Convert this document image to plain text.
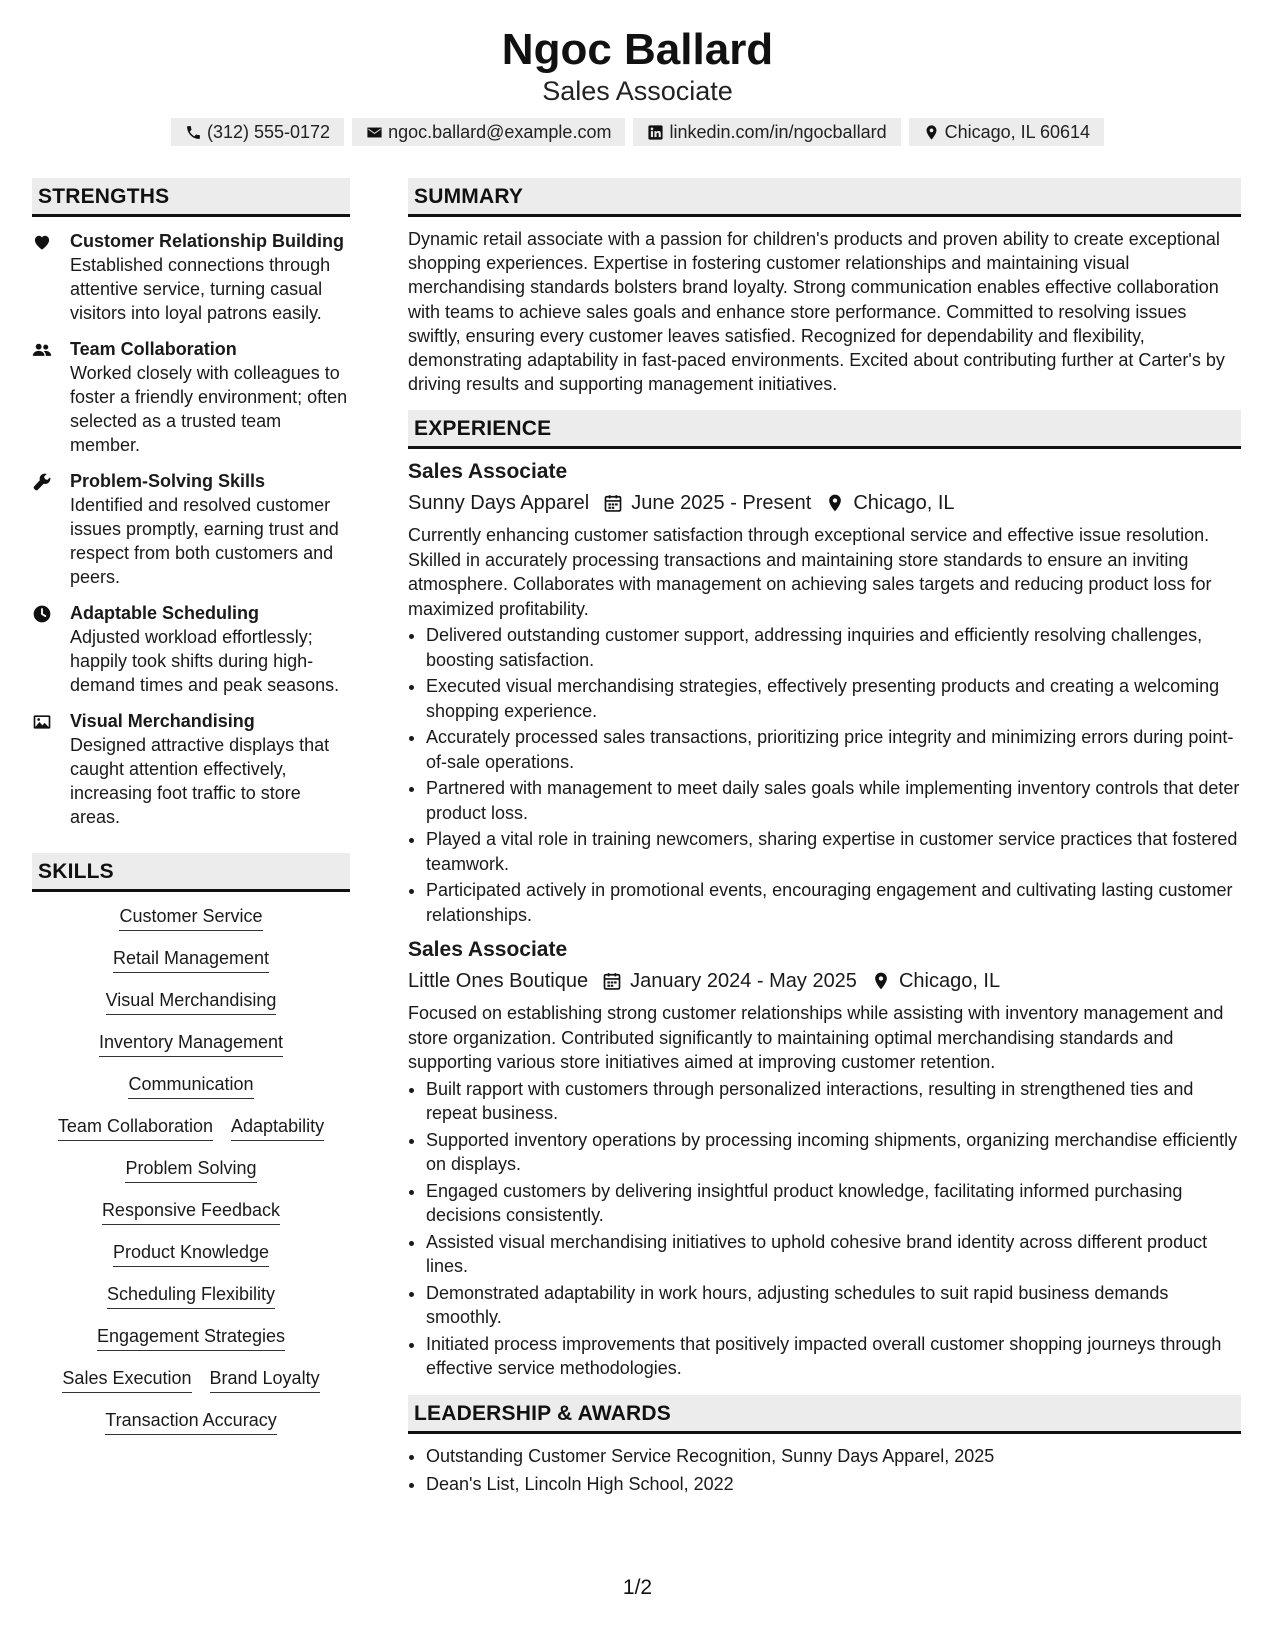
Ngoc Ballard
Sales Associate
(312) 555-0172	ngoc.ballard@example.com	linkedin.com/in/ngocballard	Chicago, IL 60614
STRENGTHS
Customer Relationship Building
Established connections through attentive service, turning casual visitors into loyal patrons easily.
Team Collaboration
Worked closely with colleagues to foster a friendly environment; often selected as a trusted team member.
Problem-Solving Skills
Identified and resolved customer issues promptly, earning trust and respect from both customers and peers.
Adaptable Scheduling
Adjusted workload effortlessly; happily took shifts during high-demand times and peak seasons.
Visual Merchandising
Designed attractive displays that caught attention effectively, increasing foot traffic to store areas.
SKILLS
Customer Service
Retail Management
Visual Merchandising
Inventory Management
Communication
Team Collaboration Adaptability
Problem Solving
Responsive Feedback
Product Knowledge
Scheduling Flexibility
Engagement Strategies
Sales Execution Brand Loyalty
Transaction Accuracy
SUMMARY
Dynamic retail associate with a passion for children's products and proven ability to create exceptional shopping experiences. Expertise in fostering customer relationships and maintaining visual merchandising standards bolsters brand loyalty. Strong communication enables effective collaboration with teams to achieve sales goals and enhance store performance. Committed to resolving issues swiftly, ensuring every customer leaves satisfied. Recognized for dependability and flexibility, demonstrating adaptability in fast-paced environments. Excited about contributing further at Carter's by driving results and supporting management initiatives.
EXPERIENCE
Sales Associate
Sunny Days Apparel June 2025 - Present Chicago, IL
Currently enhancing customer satisfaction through exceptional service and effective issue resolution. Skilled in accurately processing transactions and maintaining store standards to ensure an inviting atmosphere. Collaborates with management on achieving sales targets and reducing product loss for maximized profitability.
• Delivered outstanding customer support, addressing inquiries and efficiently resolving challenges, boosting satisfaction.
• Executed visual merchandising strategies, effectively presenting products and creating a welcoming shopping experience.
• Accurately processed sales transactions, prioritizing price integrity and minimizing errors during point-of-sale operations.
• Partnered with management to meet daily sales goals while implementing inventory controls that deter product loss.
• Played a vital role in training newcomers, sharing expertise in customer service practices that fostered teamwork.
• Participated actively in promotional events, encouraging engagement and cultivating lasting customer relationships.
Sales Associate
Little Ones Boutique January 2024 - May 2025 Chicago, IL
Focused on establishing strong customer relationships while assisting with inventory management and store organization. Contributed significantly to maintaining optimal merchandising standards and supporting various store initiatives aimed at improving customer retention.
• Built rapport with customers through personalized interactions, resulting in strengthened ties and repeat business.
• Supported inventory operations by processing incoming shipments, organizing merchandise efficiently on displays.
• Engaged customers by delivering insightful product knowledge, facilitating informed purchasing decisions consistently.
• Assisted visual merchandising initiatives to uphold cohesive brand identity across different product lines.
• Demonstrated adaptability in work hours, adjusting schedules to suit rapid business demands smoothly.
• Initiated process improvements that positively impacted overall customer shopping journeys through effective service methodologies.
LEADERSHIP & AWARDS
• Outstanding Customer Service Recognition, Sunny Days Apparel, 2025
• Dean's List, Lincoln High School, 2022
1/2
